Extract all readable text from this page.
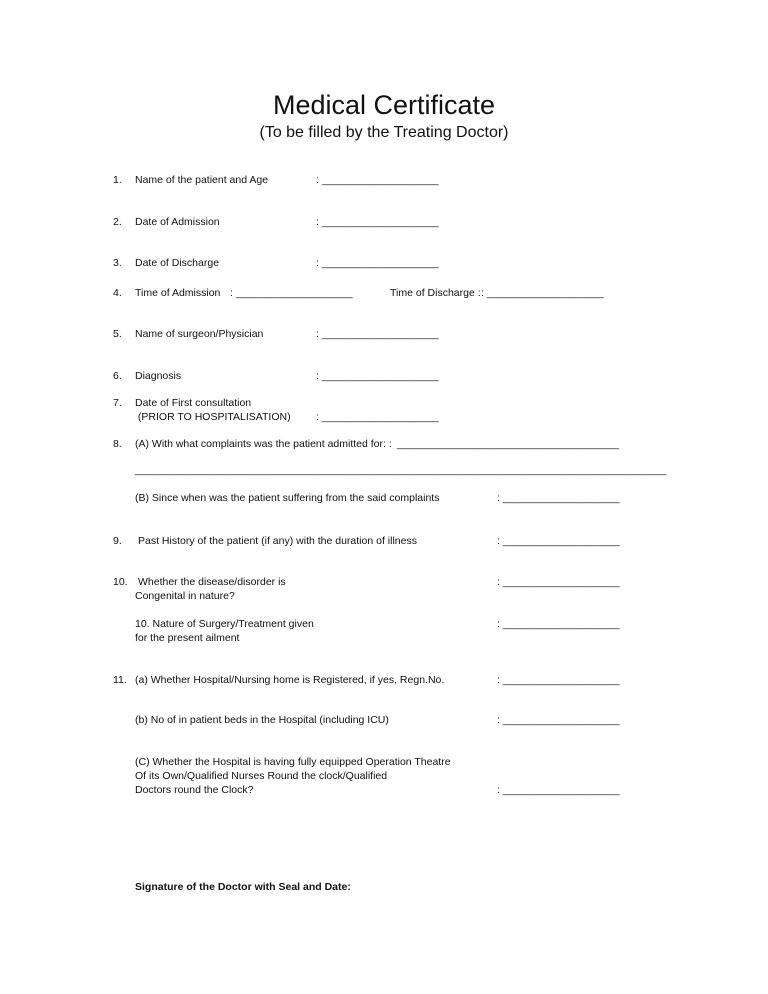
Medical Certificate
(To be filled by the Treating Doctor)
1. Name of the patient and Age	: ____________________
2. Date of Admission	: ____________________
3. Date of Discharge	: ____________________
4. Time of Admission : ____________________	Time of Discharge : : ____________________
5. Name of surgeon/Physician	: ____________________
6. Diagnosis	: ____________________
7. Date of First consultation
(PRIOR TO HOSPITALISATION) : ____________________
8. (A) With what complaints was the patient admitted for: : ______________________________________
___________________________________________________________________________________________
(B) Since when was the patient suffering from the said complaints	: ____________________
9. Past History of the patient (if any) with the duration of illness	: ____________________
10. Whether the disease/disorder is
Congenital in nature?
: ____________________
10. Nature of Surgery/Treatment given
for the present ailment
: ____________________
11. (a) Whether Hospital/Nursing home is Registered, if yes, Regn.No.	: ____________________
(b) No of in patient beds in the Hospital (including ICU)	: ____________________
(C) Whether the Hospital is having fully equipped Operation Theatre
Of its Own/Qualified Nurses Round the clock/Qualified
Doctors round the Clock?	: ____________________
Signature of the Doctor with Seal and Date:
